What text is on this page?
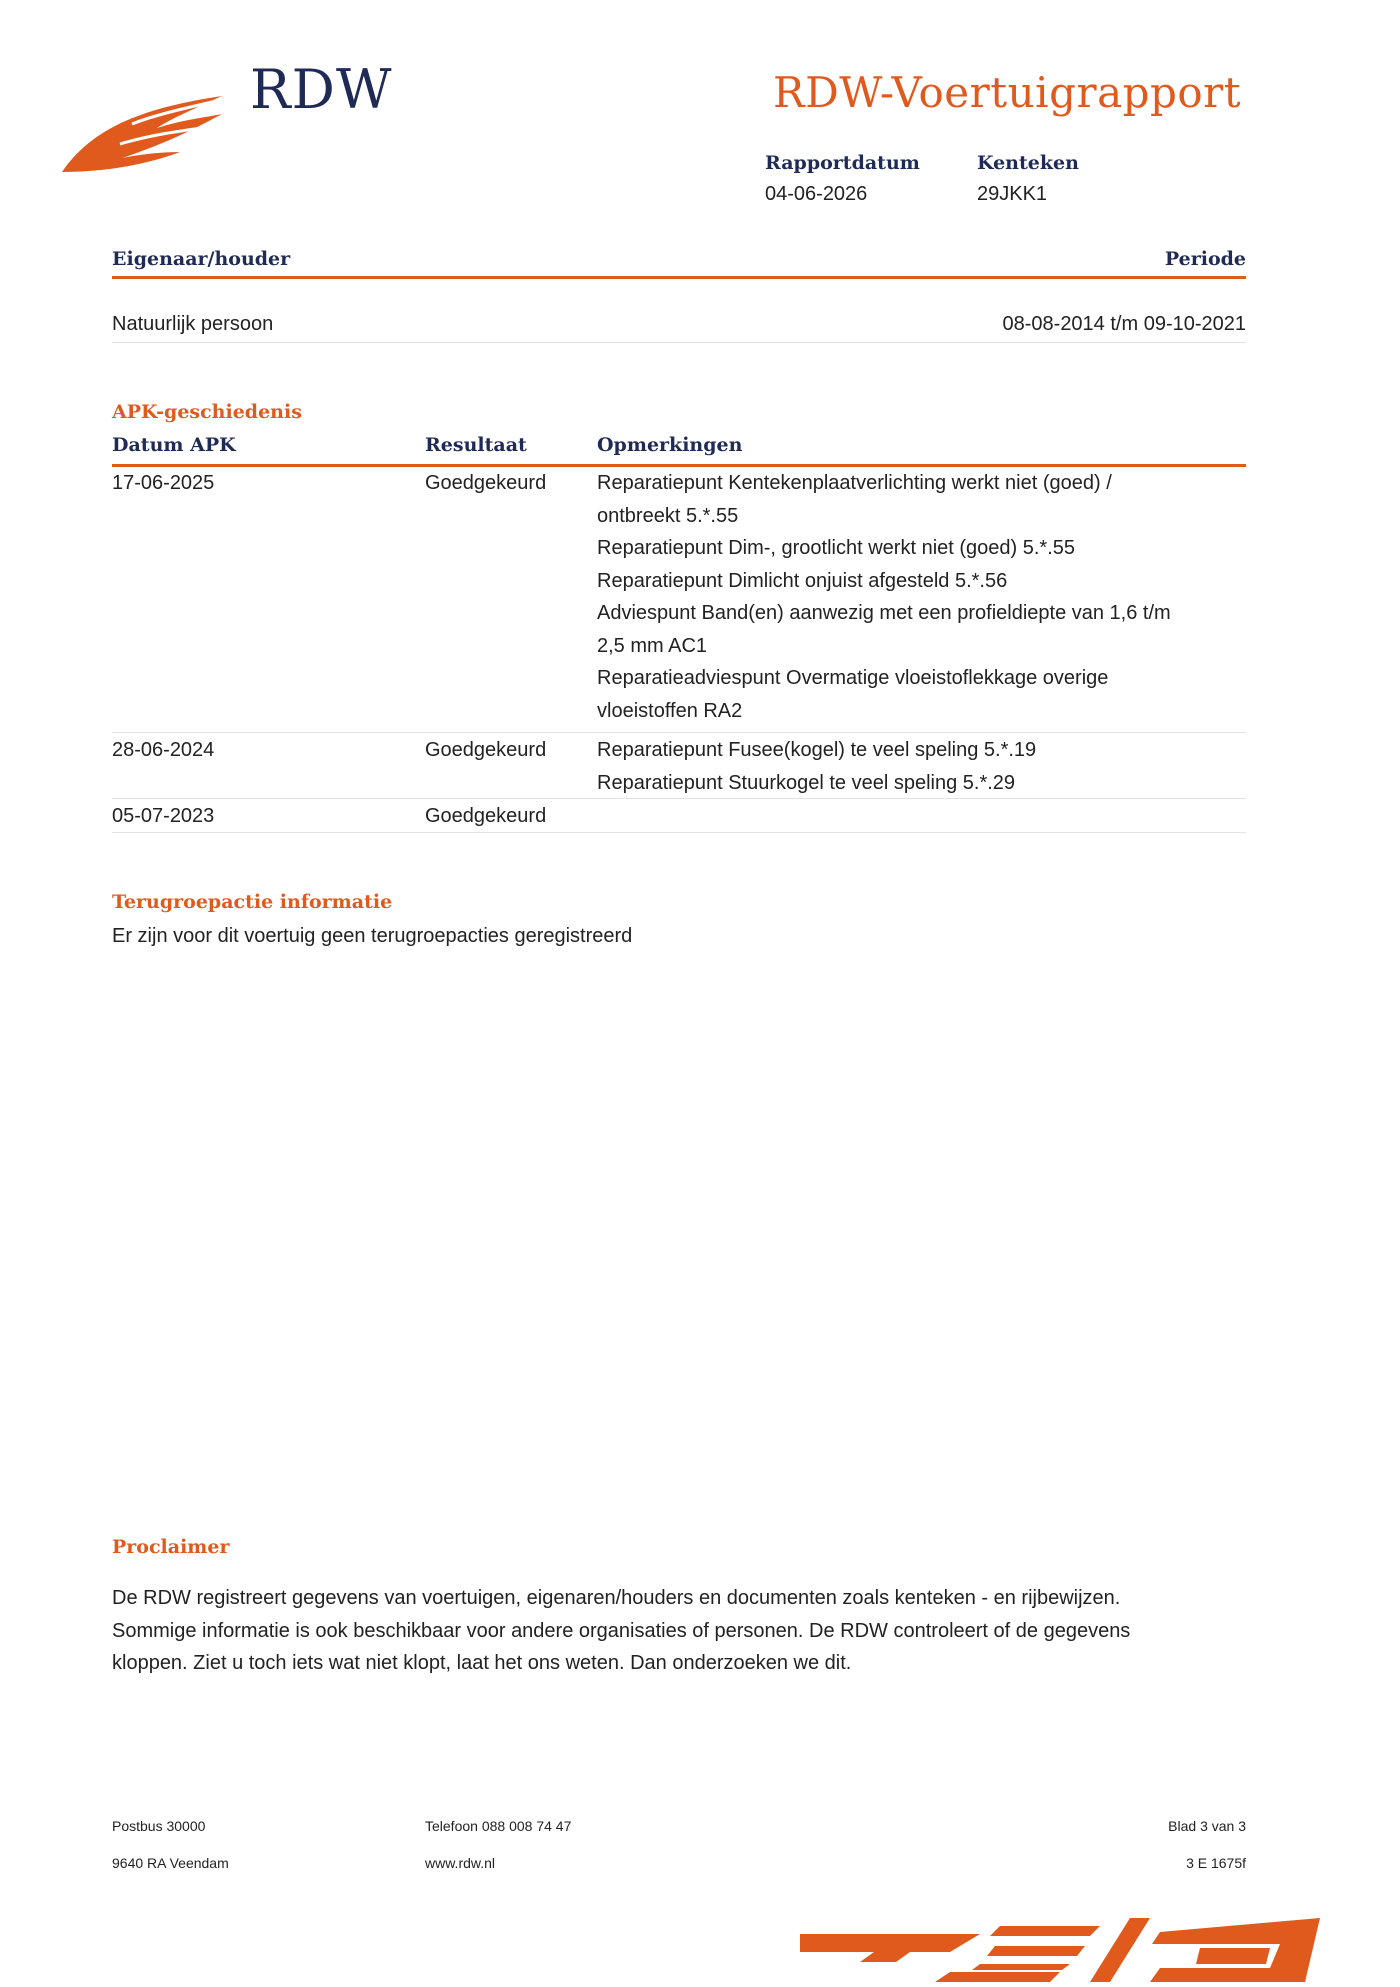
RDW	RDW-Voertuigrapport
Rapportdatum
04-06-2026
Kenteken
29JKK1
Eigenaar/houder	Periode
Natuurlijk persoon	08-08-2014 t/m 09-10-2021
APK-geschiedenis
Datum APK	Resultaat	Opmerkingen
17-06-2025	Goedgekeurd	Reparatiepunt Kentekenplaatverlichting werkt niet (goed) /
ontbreekt 5.*.55
Reparatiepunt Dim-, grootlicht werkt niet (goed) 5.*.55
Reparatiepunt Dimlicht onjuist afgesteld 5.*.56
Adviespunt Band(en) aanwezig met een profieldiepte van 1,6 t/m
2,5 mm AC1
Reparatieadviespunt Overmatige vloeistoflekkage overige
vloeistoffen RA2
28-06-2024	Goedgekeurd	Reparatiepunt Fusee(kogel) te veel speling 5.*.19
Reparatiepunt Stuurkogel te veel speling 5.*.29
05-07-2023	Goedgekeurd
Terugroepactie informatie
Er zijn voor dit voertuig geen terugroepacties geregistreerd
Proclaimer

De RDW registreert gegevens van voertuigen, eigenaren/houders en documenten zoals kenteken - en rijbewijzen.

Sommige informatie is ook beschikbaar voor andere organisaties of personen. De RDW controleert of de gegevens

kloppen. Ziet u toch iets wat niet klopt, laat het ons weten. Dan onderzoeken we dit.

Postbus 30000
9640 RA Veendam
Telefoon 088 008 74 47
www.rdw.nl
Blad 3 van 3
3 E 1675f
